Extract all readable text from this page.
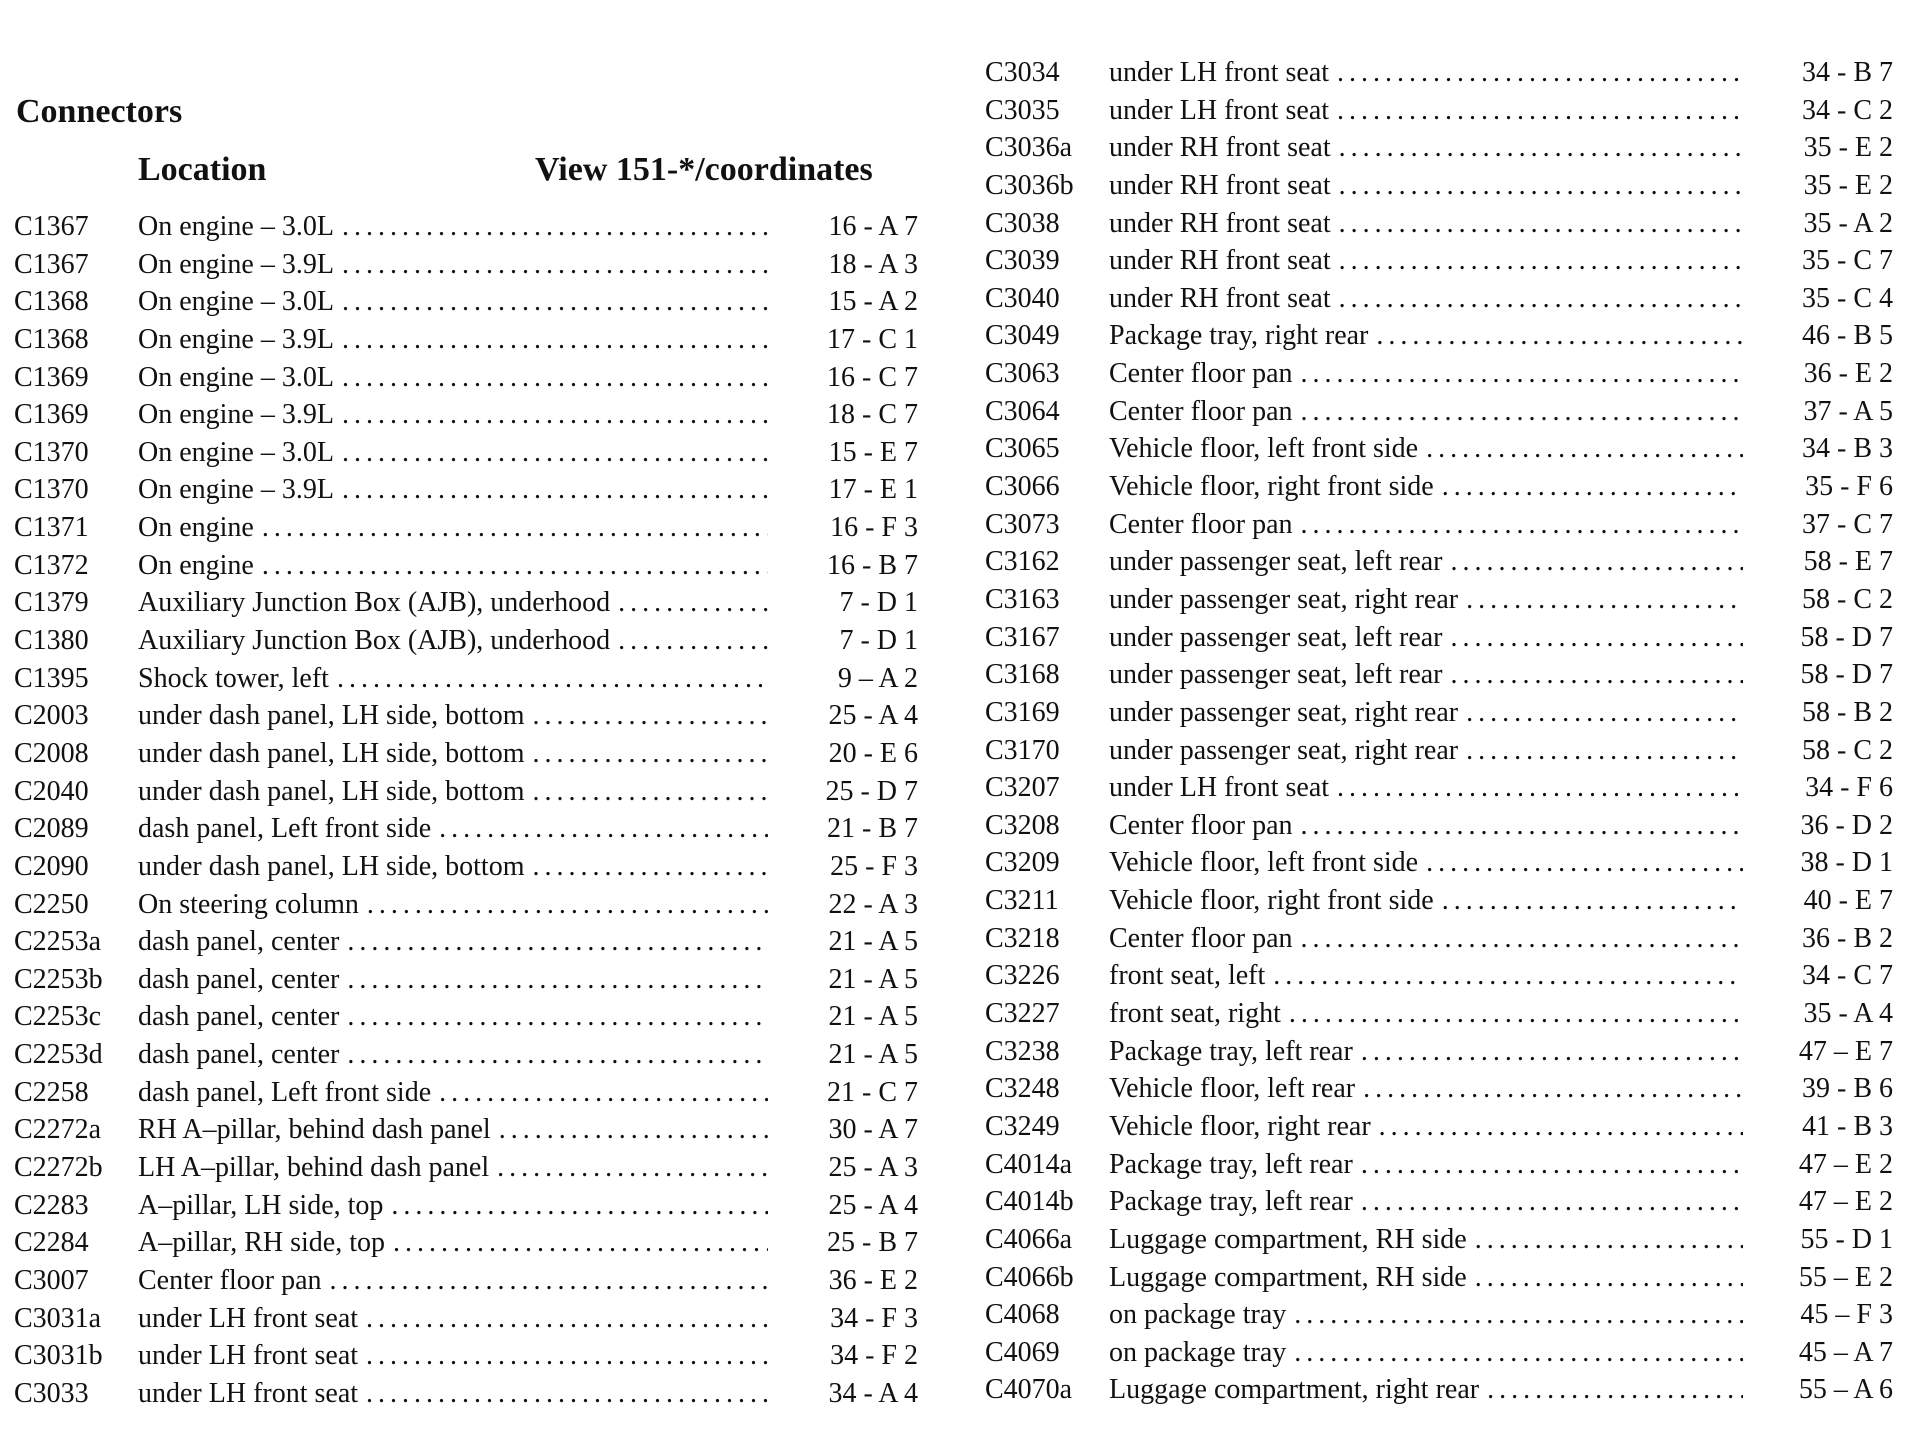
Connectors
Location	View 151-*/coordinates
C1367	On engine – 3.0L .....	16 - A 7
C1367	On engine – 3.9L .....	18 - A 3
C1368	On engine – 3.0L .....	15 - A 2
C1368	On engine – 3.9L .....	17 - C 1
C1369	On engine – 3.0L .....	16 - C 7
C1369	On engine – 3.9L .....	18 - C 7
C1370	On engine – 3.0L .....	15 - E 7
C1370	On engine – 3.9L .....	17 - E 1
C1371	On engine .....	16 - F 3
C1372	On engine .....	16 - B 7
C1379	Auxiliary Junction Box (AJB), underhood .....	7 - D 1
C1380	Auxiliary Junction Box (AJB), underhood .....	7 - D 1
C1395	Shock tower, left .....	9 – A 2
C2003	under dash panel, LH side, bottom .....	25 - A 4
C2008	under dash panel, LH side, bottom .....	20 - E 6
C2040	under dash panel, LH side, bottom .....	25 - D 7
C2089	dash panel, Left front side .....	21 - B 7
C2090	under dash panel, LH side, bottom .....	25 - F 3
C2250	On steering column .....	22 - A 3
C2253a	dash panel, center .....	21 - A 5
C2253b	dash panel, center .....	21 - A 5
C2253c	dash panel, center .....	21 - A 5
C2253d	dash panel, center .....	21 - A 5
C2258	dash panel, Left front side .....	21 - C 7
C2272a	RH A–pillar, behind dash panel .....	30 - A 7
C2272b	LH A–pillar, behind dash panel .....	25 - A 3
C2283	A–pillar, LH side, top .....	25 - A 4
C2284	A–pillar, RH side, top .....	25 - B 7
C3007	Center floor pan .....	36 - E 2
C3031a	under LH front seat .....	34 - F 3
C3031b	under LH front seat .....	34 - F 2
C3033	under LH front seat .....	34 - A 4
C3034	under LH front seat .....	34 - B 7
C3035	under LH front seat .....	34 - C 2
C3036a	under RH front seat .....	35 - E 2
C3036b	under RH front seat .....	35 - E 2
C3038	under RH front seat .....	35 - A 2
C3039	under RH front seat .....	35 - C 7
C3040	under RH front seat .....	35 - C 4
C3049	Package tray, right rear .....	46 - B 5
C3063	Center floor pan .....	36 - E 2
C3064	Center floor pan .....	37 - A 5
C3065	Vehicle floor, left front side .....	34 - B 3
C3066	Vehicle floor, right front side .....	35 - F 6
C3073	Center floor pan .....	37 - C 7
C3162	under passenger seat, left rear .....	58 - E 7
C3163	under passenger seat, right rear .....	58 - C 2
C3167	under passenger seat, left rear .....	58 - D 7
C3168	under passenger seat, left rear .....	58 - D 7
C3169	under passenger seat, right rear .....	58 - B 2
C3170	under passenger seat, right rear .....	58 - C 2
C3207	under LH front seat .....	34 - F 6
C3208	Center floor pan .....	36 - D 2
C3209	Vehicle floor, left front side .....	38 - D 1
C3211	Vehicle floor, right front side .....	40 - E 7
C3218	Center floor pan .....	36 - B 2
C3226	front seat, left .....	34 - C 7
C3227	front seat, right .....	35 - A 4
C3238	Package tray, left rear .....	47 – E 7
C3248	Vehicle floor, left rear .....	39 - B 6
C3249	Vehicle floor, right rear .....	41 - B 3
C4014a	Package tray, left rear .....	47 – E 2
C4014b	Package tray, left rear .....	47 – E 2
C4066a	Luggage compartment, RH side .....	55 - D 1
C4066b	Luggage compartment, RH side .....	55 – E 2
C4068	on package tray .....	45 – F 3
C4069	on package tray .....	45 – A 7
C4070a	Luggage compartment, right rear .....	55 – A 6
